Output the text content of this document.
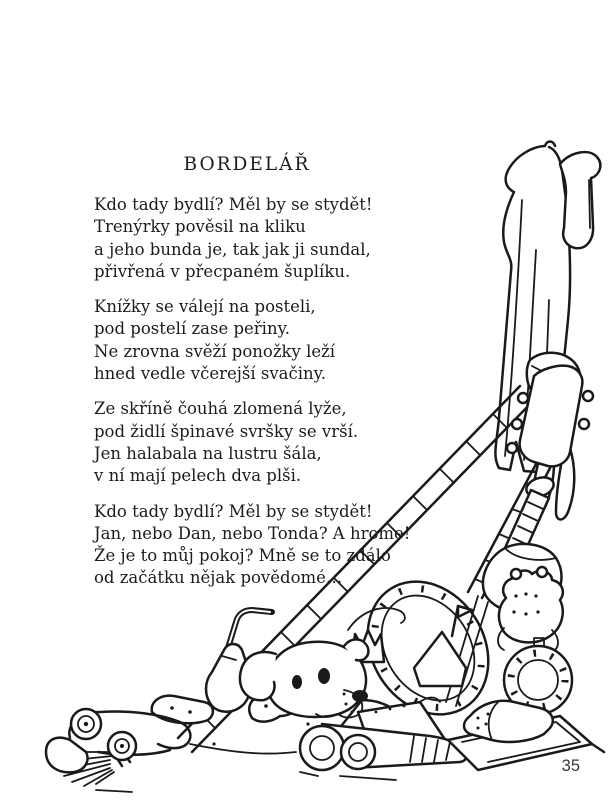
BORDELÁŘ
Kdo tady bydlí? Měl by se stydět!
Trenýrky pověsil na kliku
a jeho bunda je, tak jak ji sundal,
přivřená v přecpaném šuplíku.
Knížky se válejí na posteli,
pod postelí zase peřiny.
Ne zrovna svěží ponožky leží
hned vedle včerejší svačiny.
Ze skříně čouhá zlomená lyže,
pod židlí špinavé svršky se vrší.
Jen halabala na lustru šála,
v ní mají pelech dva plši.
Kdo tady bydlí? Měl by se stydět!
Jan, nebo Dan, nebo Tonda? A hrome!
Že je to můj pokoj? Mně se to zdálo
od začátku nějak povědomé…
35
